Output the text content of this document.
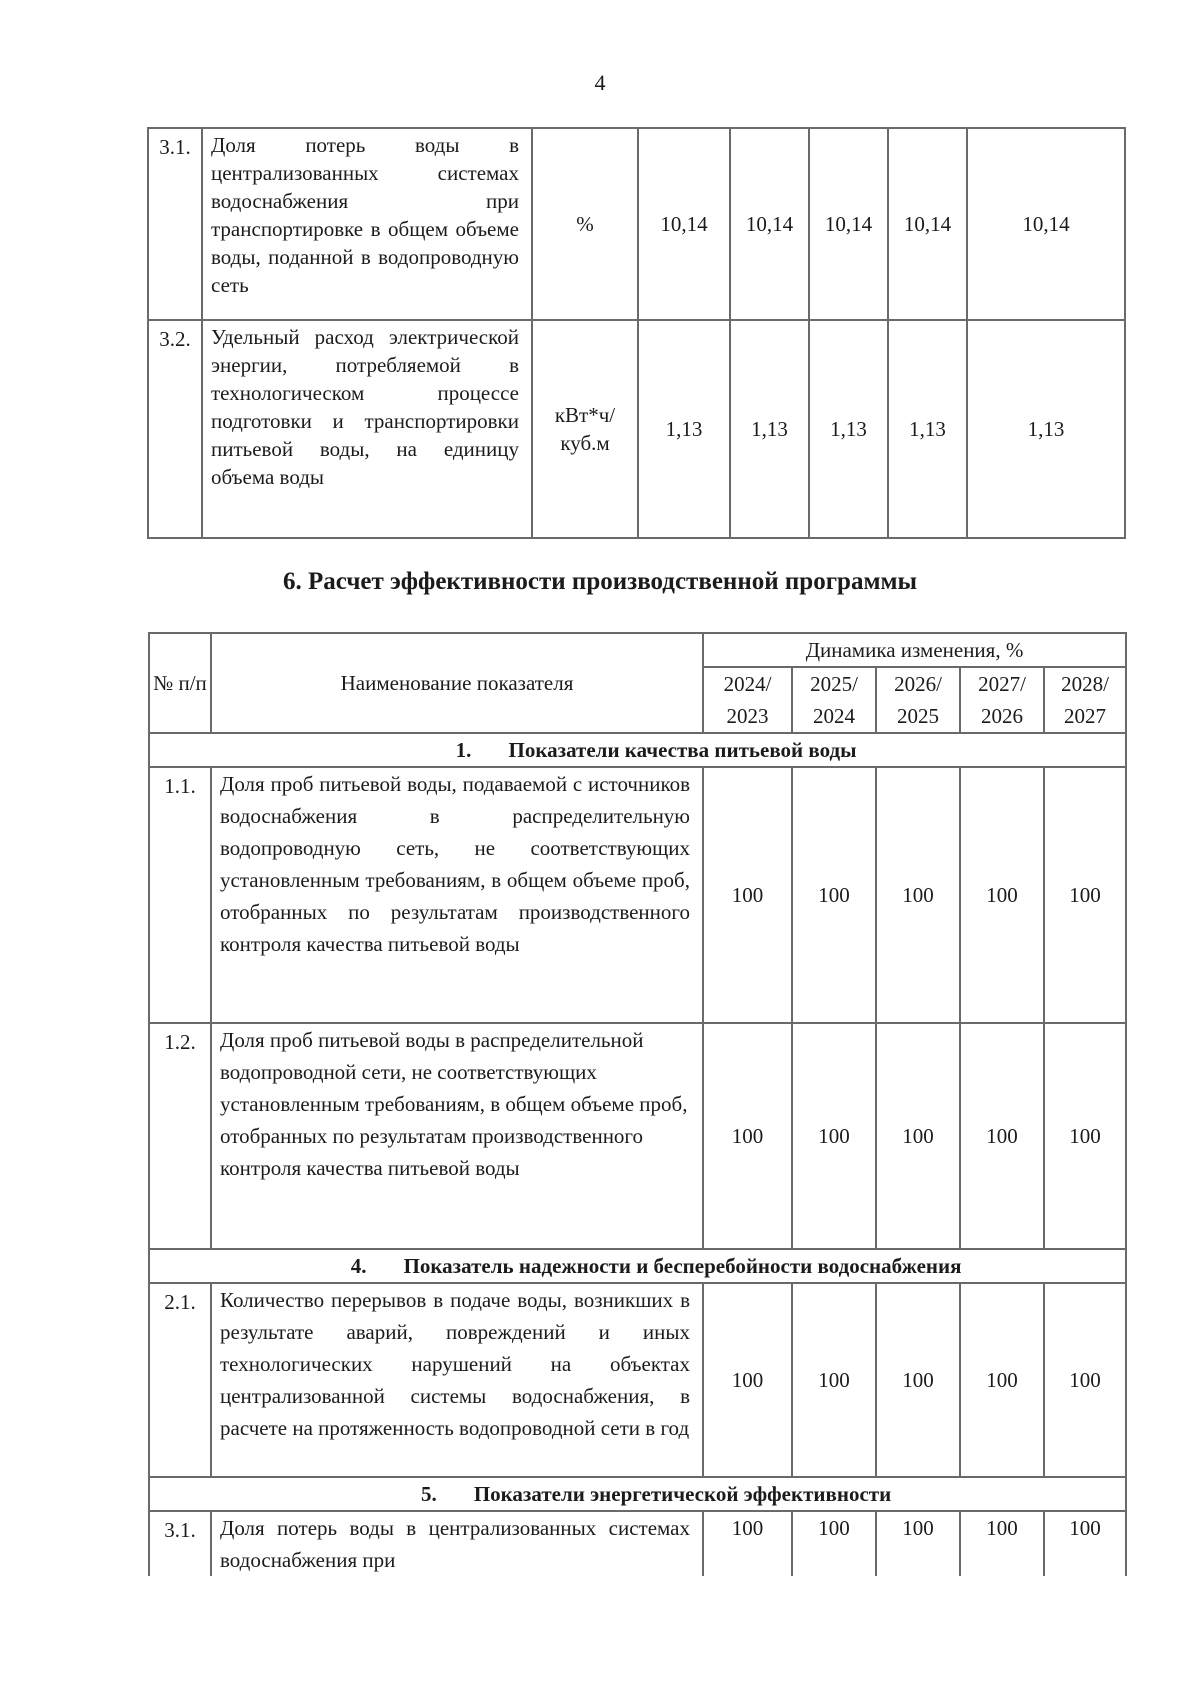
4
3.1.	Доля потерь воды в централизованных системах водоснабжения при транспортировке в общем объеме воды, поданной в водопроводную сеть	%	10,14	10,14	10,14	10,14	10,14
3.2.	Удельный расход электрической энергии, потребляемой в технологическом процессе подготовки и транспортировки питьевой воды, на единицу объема воды	кВт*ч/ куб.м	1,13	1,13	1,13	1,13	1,13
6. Расчет эффективности производственной программы
№ п/п	Наименование показателя	Динамика изменения, %				
		2024/ 2023	2025/ 2024	2026/ 2025	2027/ 2026	2028/ 2027

1. Показатели качества питьевой воды						
1.1.	Доля проб питьевой воды, подаваемой с источников водоснабжения в распределительную водопроводную сеть, не соответствующих установленным требованиям, в общем объеме проб, отобранных по результатам производственного контроля качества питьевой воды	100	100	100	100	100
1.2.	Доля проб питьевой воды в распределительной водопроводной сети, не соответствующих установленным требованиям, в общем объеме проб, отобранных по результатам производственного контроля качества питьевой воды	100	100	100	100	100
4. Показатель надежности и бесперебойности водоснабжения						
2.1.	Количество перерывов в подаче воды, возникших в результате аварий, повреждений и иных технологических нарушений на объектах централизованной системы водоснабжения, в расчете на протяженность водопроводной сети в год	100	100	100	100	100
5. Показатели энергетической эффективности						
3.1.	Доля потерь воды в централизованных системах водоснабжения при	100	100	100	100	100
